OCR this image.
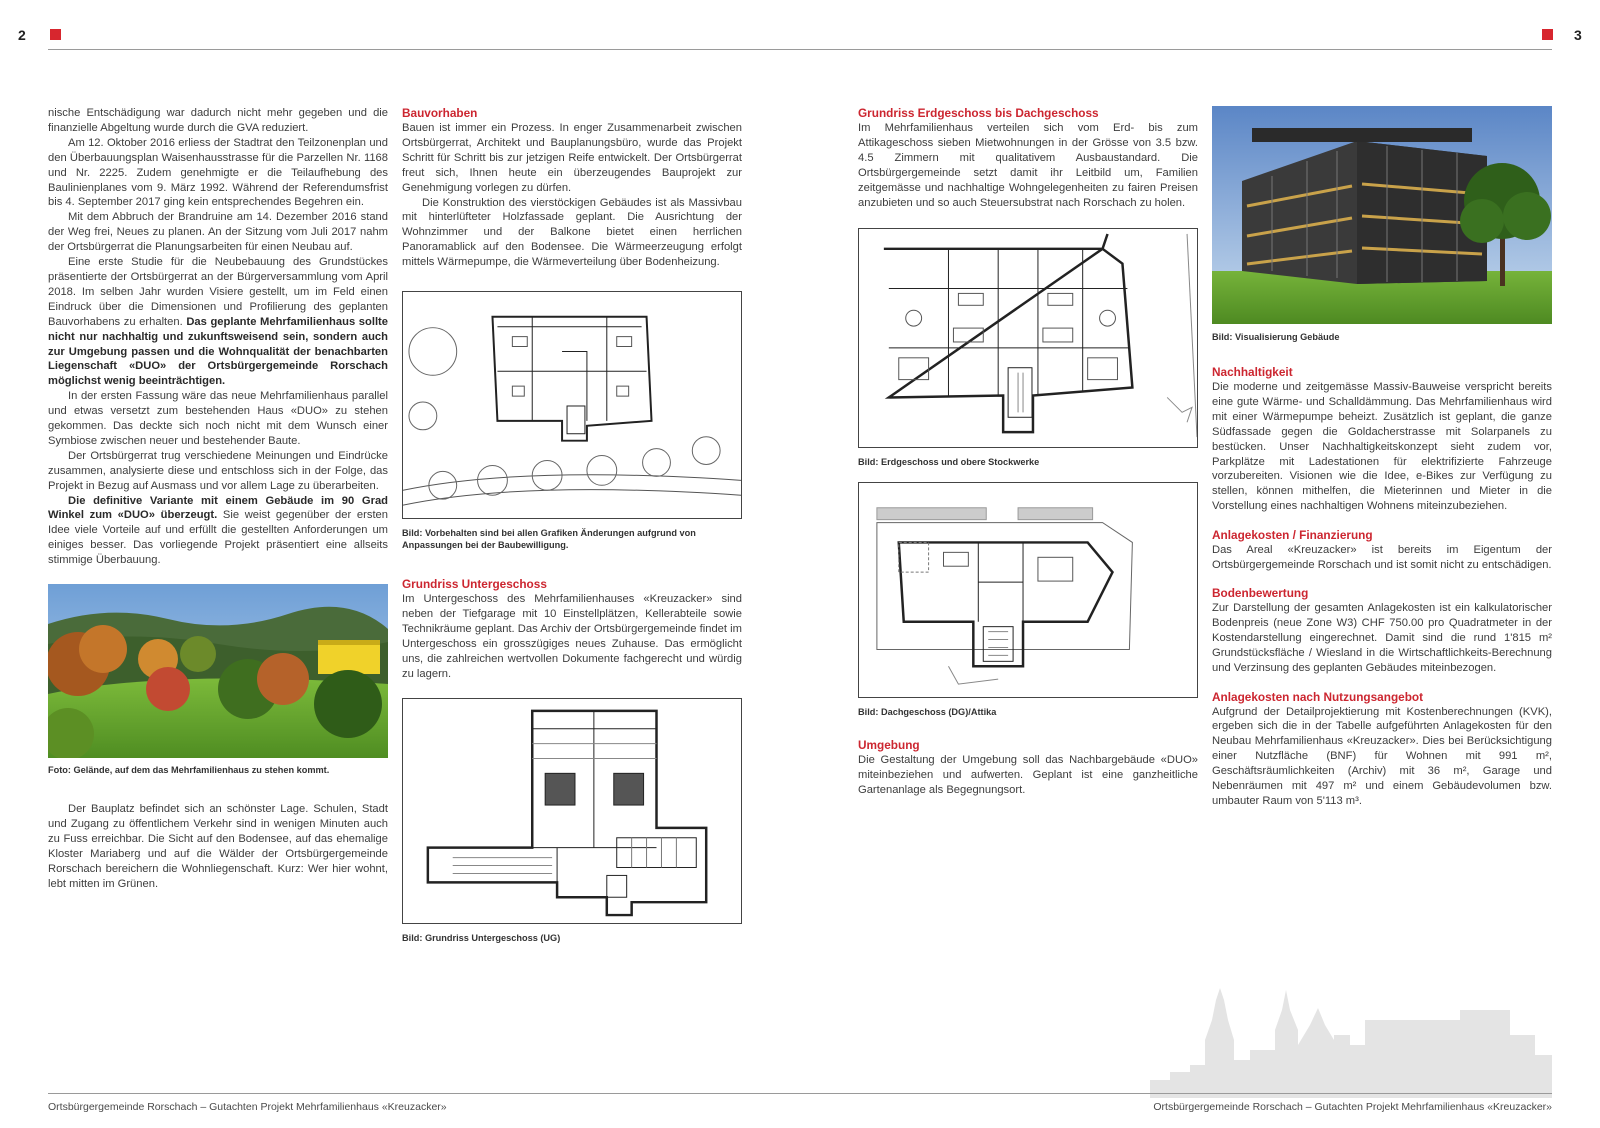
2	3

nische Entschädigung war dadurch nicht mehr gegeben und die finanzielle Abgeltung wurde durch die GVA reduziert.

Am 12. Oktober 2016 erliess der Stadtrat den Teilzonenplan und den Überbauungsplan Waisenhausstrasse für die Parzellen Nr. 1168 und Nr. 2225. Zudem genehmigte er die Teilaufhebung des Baulinienplanes vom 9. März 1992. Während der Referendumsfrist bis 4. September 2017 ging kein entsprechendes Begehren ein.

Mit dem Abbruch der Brandruine am 14. Dezember 2016 stand der Weg frei, Neues zu planen. An der Sitzung vom Juli 2017 nahm der Ortsbürgerrat die Planungsarbeiten für einen Neubau auf.

Eine erste Studie für die Neubebauung des Grundstückes präsentierte der Ortsbürgerrat an der Bürgerversammlung vom April 2018. Im selben Jahr wurden Visiere gestellt, um im Feld einen Eindruck über die Dimensionen und Profilierung des geplanten Bauvorhabens zu erhalten. Das geplante Mehrfamilienhaus sollte nicht nur nachhaltig und zukunftsweisend sein, sondern auch zur Umgebung passen und die Wohnqualität der benachbarten Liegenschaft «DUO» der Ortsbürgergemeinde Rorschach möglichst wenig beeinträchtigen.

In der ersten Fassung wäre das neue Mehrfamilienhaus parallel und etwas versetzt zum bestehenden Haus «DUO» zu stehen gekommen. Das deckte sich noch nicht mit dem Wunsch einer Symbiose zwischen neuer und bestehender Baute.

Der Ortsbürgerrat trug verschiedene Meinungen und Eindrücke zusammen, analysierte diese und entschloss sich in der Folge, das Projekt in Bezug auf Ausmass und vor allem Lage zu überarbeiten.

Die definitive Variante mit einem Gebäude im 90 Grad Winkel zum «DUO» überzeugt. Sie weist gegenüber der ersten Idee viele Vorteile auf und erfüllt die gestellten Anforderungen um einiges besser. Das vorliegende Projekt präsentiert eine allseits stimmige Überbauung.

Foto: Gelände, auf dem das Mehrfamilienhaus zu stehen kommt.

Der Bauplatz befindet sich an schönster Lage. Schulen, Stadt und Zugang zu öffentlichem Verkehr sind in wenigen Minuten auch zu Fuss erreichbar. Die Sicht auf den Bodensee, auf das ehemalige Kloster Mariaberg und auf die Wälder der Ortsbürgergemeinde Rorschach bereichern die Wohnliegenschaft. Kurz: Wer hier wohnt, lebt mitten im Grünen.

Bauvorhaben

Bauen ist immer ein Prozess. In enger Zusammenarbeit zwischen Ortsbürgerrat, Architekt und Bauplanungsbüro, wurde das Projekt Schritt für Schritt bis zur jetzigen Reife entwickelt. Der Ortsbürgerrat freut sich, Ihnen heute ein überzeugendes Bauprojekt zur Genehmigung vorlegen zu dürfen.

Die Konstruktion des vierstöckigen Gebäudes ist als Massivbau mit hinterlüfteter Holzfassade geplant. Die Ausrichtung der Wohnzimmer und der Balkone bietet einen herrlichen Panoramablick auf den Bodensee. Die Wärmeerzeugung erfolgt mittels Wärmepumpe, die Wärmeverteilung über Bodenheizung.

Bild: Vorbehalten sind bei allen Grafiken Änderungen aufgrund von Anpassungen bei der Baubewilligung.

Grundriss Untergeschoss

Im Untergeschoss des Mehrfamilienhauses «Kreuzacker» sind neben der Tiefgarage mit 10 Einstellplätzen, Kellerabteile sowie Technikräume geplant. Das Archiv der Ortsbürgergemeinde findet im Untergeschoss ein grosszügiges neues Zuhause. Das ermöglicht uns, die zahlreichen wertvollen Dokumente fachgerecht und würdig zu lagern.

Bild: Grundriss Untergeschoss (UG)

Grundriss Erdgeschoss bis Dachgeschoss

Im Mehrfamilienhaus verteilen sich vom Erd- bis zum Attikageschoss sieben Mietwohnungen in der Grösse von 3.5 bzw. 4.5 Zimmern mit qualitativem Ausbaustandard. Die Ortsbürgergemeinde setzt damit ihr Leitbild um, Familien zeitgemässe und nachhaltige Wohngelegenheiten zu fairen Preisen anzubieten und so auch Steuersubstrat nach Rorschach zu holen.

Bild: Erdgeschoss und obere Stockwerke

Bild: Dachgeschoss (DG)/Attika

Umgebung

Die Gestaltung der Umgebung soll das Nachbargebäude «DUO» miteinbeziehen und aufwerten. Geplant ist eine ganzheitliche Gartenanlage als Begegnungsort.

Bild: Visualisierung Gebäude

Nachhaltigkeit

Die moderne und zeitgemässe Massiv-Bauweise verspricht bereits eine gute Wärme- und Schalldämmung. Das Mehrfamilienhaus wird mit einer Wärmepumpe beheizt. Zusätzlich ist geplant, die ganze Südfassade gegen die Goldacherstrasse mit Solarpanels zu bestücken. Unser Nachhaltigkeitskonzept sieht zudem vor, Parkplätze mit Ladestationen für elektrifizierte Fahrzeuge vorzubereiten. Visionen wie die Idee, e-Bikes zur Verfügung zu stellen, können mithelfen, die Mieterinnen und Mieter in die Vorstellung eines nachhaltigen Wohnens miteinzubeziehen.

Anlagekosten / Finanzierung

Das Areal «Kreuzacker» ist bereits im Eigentum der Ortsbürgergemeinde Rorschach und ist somit nicht zu entschädigen.

Bodenbewertung

Zur Darstellung der gesamten Anlagekosten ist ein kalkulatorischer Bodenpreis (neue Zone W3) CHF 750.00 pro Quadratmeter in der Kostendarstellung eingerechnet. Damit sind die rund 1'815 m² Grundstücksfläche / Wiesland in die Wirtschaftlichkeits-Berechnung und Verzinsung des geplanten Gebäudes miteinbezogen.

Anlagekosten nach Nutzungsangebot

Aufgrund der Detailprojektierung mit Kostenberechnungen (KVK), ergeben sich die in der Tabelle aufgeführten Anlagekosten für den Neubau Mehrfamilienhaus «Kreuzacker». Dies bei Berücksichtigung einer Nutzfläche (BNF) für Wohnen mit 991 m², Geschäftsräumlichkeiten (Archiv) mit 36 m², Garage und Nebenräumen mit 497 m² und einem Gebäudevolumen bzw. umbauter Raum von 5'113 m³.

Ortsbürgergemeinde Rorschach – Gutachten Projekt Mehrfamilienhaus «Kreuzacker»	Ortsbürgergemeinde Rorschach – Gutachten Projekt Mehrfamilienhaus «Kreuzacker»
